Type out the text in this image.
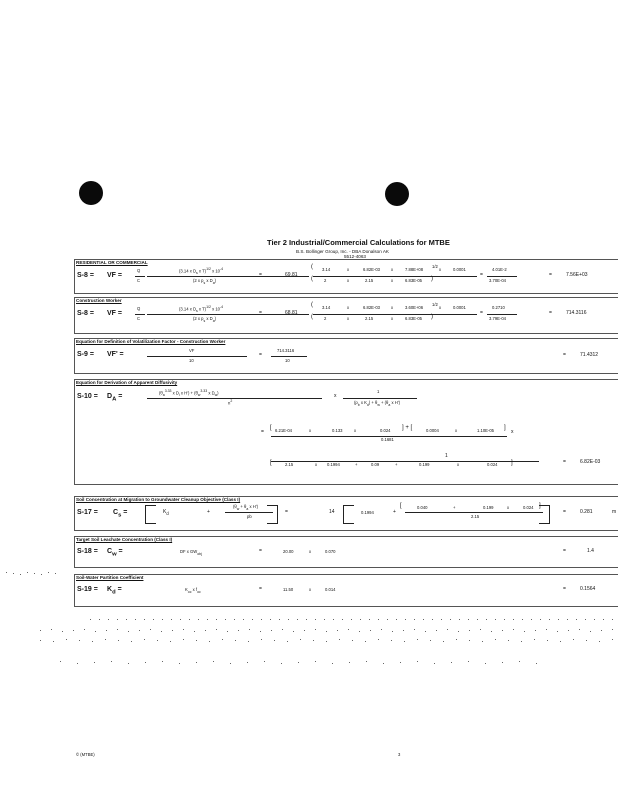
Tier 2 Industrial/Commercial Calculations for MTBE
B.S. Bollinger Group, Inc. - DBA Donalson AK
5512-4063
RESIDENTIAL OR COMMERCIAL
S-8 = VF =
Q
C
(3.14 x $D_s$ x T)$^{1/2}$ x $10^{-4}$
(2 x $p_s$ x $D_a$)
=	69.81
( 3.14	x	6.82E-03	x	7.88E+08
1/2
x	0.0001
(	2	x	2.15	x	6.83E-05 )
=
4.01E-2
3.70E-04
=	7.56E+03
Construction Worker
S-8 = VF =
Q
C
(3.14 x $D_s$ x T)$^{1/2}$ x $10^{-4}$
(2 x $p_s$ x $D_a$)
=	68.81
( 3.14	x	6.82E-03	x	3.60E+06
1/2
x	0.0001
(	2	x	2.15	x	6.83E-05 )
=
0.2710
3.79E-04
=	714.3116
Equation for Definition of Volatilization Factor - Construction Worker
S-9 = VF' =
VF
10
=
714.3116
10
=	71.4312
Equation for Derivation of Apparent Diffusivity
$S-10 = D_A$ =
($\theta_a^{3.33}$ x $D_i$ x $H') + (\theta_w^{3.33}$ x $D_w$)
$n^2$
x
1
($p_b$ x $K_d) + \theta_w + (\theta_a$ x H')
=
[ 6.21E-04	x	0.133	x	0.024 ] + [	0.0004	x	1.10E-05 ]
x
0.1681
1
[	2.15	x 0.1994	+	0.09	+	0.199	x	0.024 ]	=	6.82E-03
Soil Concentration at Migration to Groundwater Cleanup Objective (Class I)
$S-17 = C_s$ =	$K_d$	+
($\theta_w + \theta_a$ x H')
pb
=	14	0.1994	+
[	0.040	+	0.199	x	0.024 ]
2.15
=	0.281	m
Target Soil Leachate Concentration (Class I)
$S-18 = C_w$ =	DF x $GW_{obj}$	=	20.00	x	0.070	=	1.4
Soil-Water Partition Coefficient
$S-19 = K_d$ =	$K_{oc}$ x $f_{oc}$	=	11.50	x	0.014	=	0.1564
© (MTBE)	3
